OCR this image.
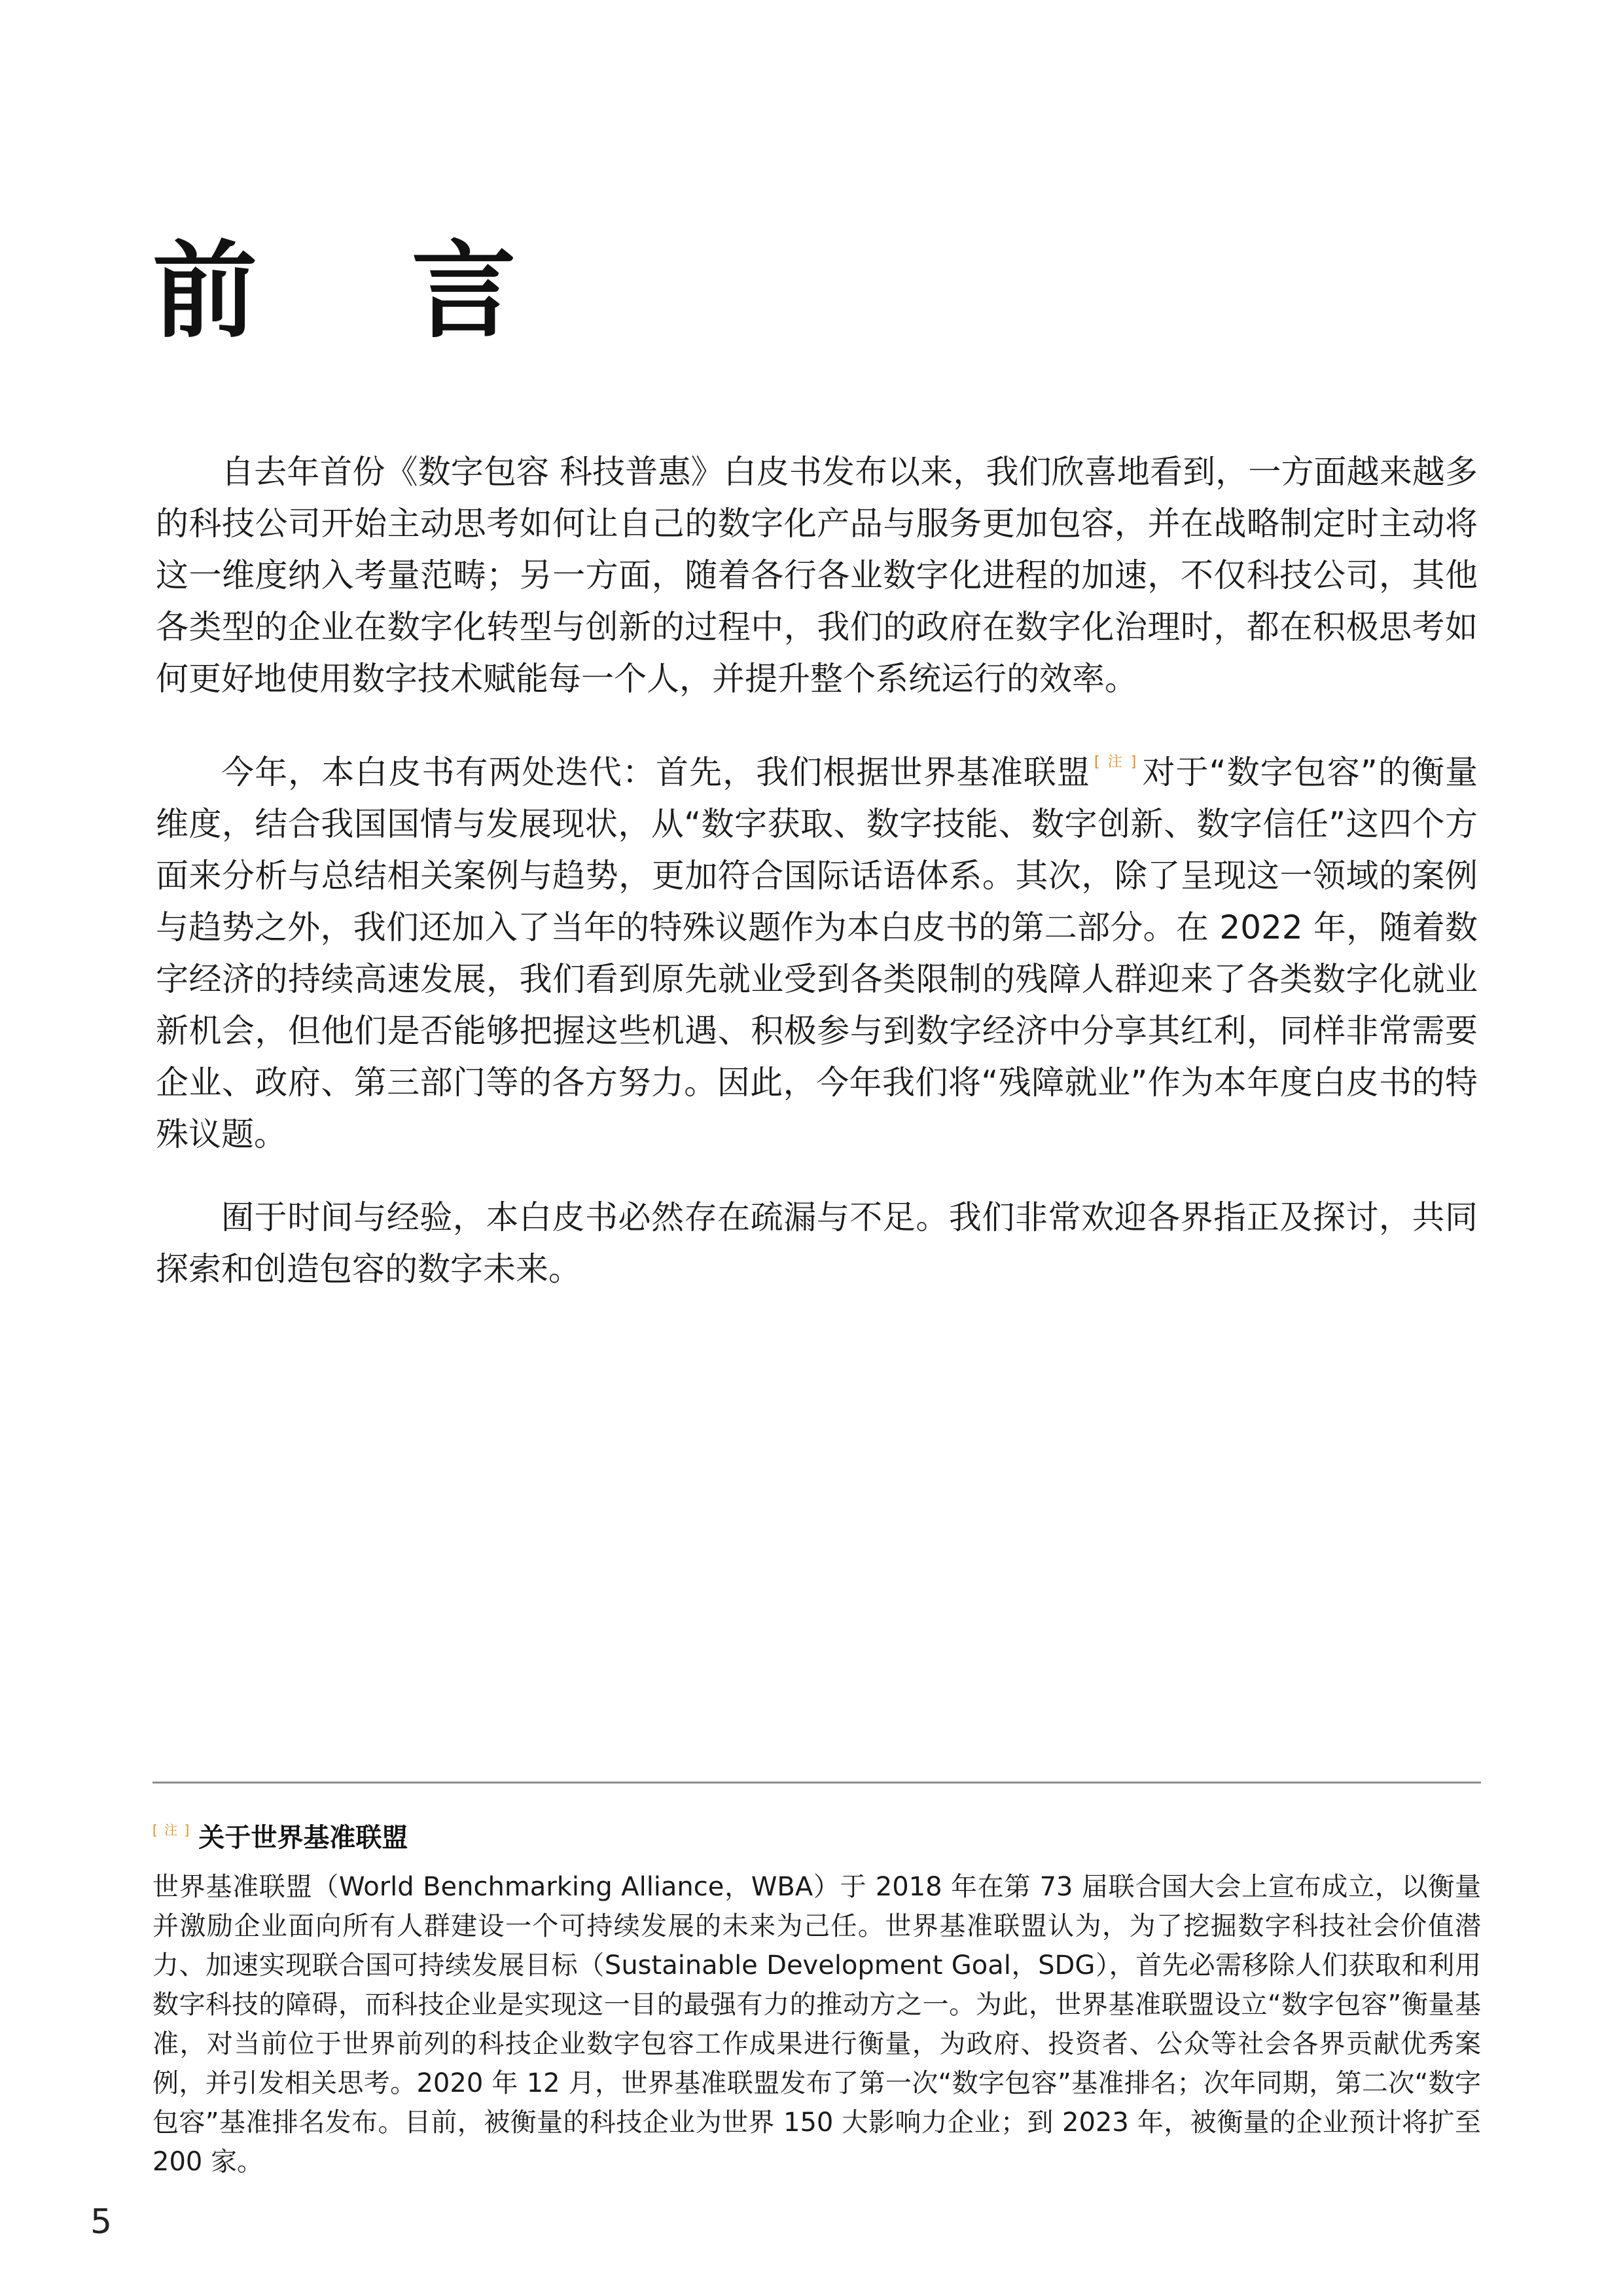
前 言

自去年首份《数字包容 科技普惠》白皮书发布以来，我们欣喜地看到，一方面越来越多的科技公司开始主动思考如何让自己的数字化产品与服务更加包容，并在战略制定时主动将这一维度纳入考量范畴；另一方面，随着各行各业数字化进程的加速，不仅科技公司，其他各类型的企业在数字化转型与创新的过程中，我们的政府在数字化治理时，都在积极思考如何更好地使用数字技术赋能每一个人，并提升整个系统运行的效率。

今年，本白皮书有两处迭代：首先，我们根据世界基准联盟 [ 注 ] 对于“数字包容”的衡量维度，结合我国国情与发展现状，从“数字获取、数字技能、数字创新、数字信任”这四个方面来分析与总结相关案例与趋势，更加符合国际话语体系。其次，除了呈现这一领域的案例与趋势之外，我们还加入了当年的特殊议题作为本白皮书的第二部分。在 2022 年，随着数字经济的持续高速发展，我们看到原先就业受到各类限制的残障人群迎来了各类数字化就业新机会，但他们是否能够把握这些机遇、积极参与到数字经济中分享其红利，同样非常需要企业、政府、第三部门等的各方努力。因此，今年我们将“残障就业”作为本年度白皮书的特殊议题。

囿于时间与经验，本白皮书必然存在疏漏与不足。我们非常欢迎各界指正及探讨，共同探索和创造包容的数字未来。

[ 注 ] 关于世界基准联盟

世界基准联盟（World Benchmarking Alliance，WBA）于 2018 年在第 73 届联合国大会上宣布成立，以衡量并激励企业面向所有人群建设一个可持续发展的未来为己任。世界基准联盟认为，为了挖掘数字科技社会价值潜力、加速实现联合国可持续发展目标（Sustainable Development Goal，SDG），首先必需移除人们获取和利用数字科技的障碍，而科技企业是实现这一目的最强有力的推动方之一。为此，世界基准联盟设立“数字包容”衡量基准，对当前位于世界前列的科技企业数字包容工作成果进行衡量，为政府、投资者、公众等社会各界贡献优秀案例，并引发相关思考。2020 年 12 月，世界基准联盟发布了第一次“数字包容”基准排名；次年同期，第二次“数字包容”基准排名发布。目前，被衡量的科技企业为世界 150 大影响力企业；到 2023 年，被衡量的企业预计将扩至 200 家。

5
